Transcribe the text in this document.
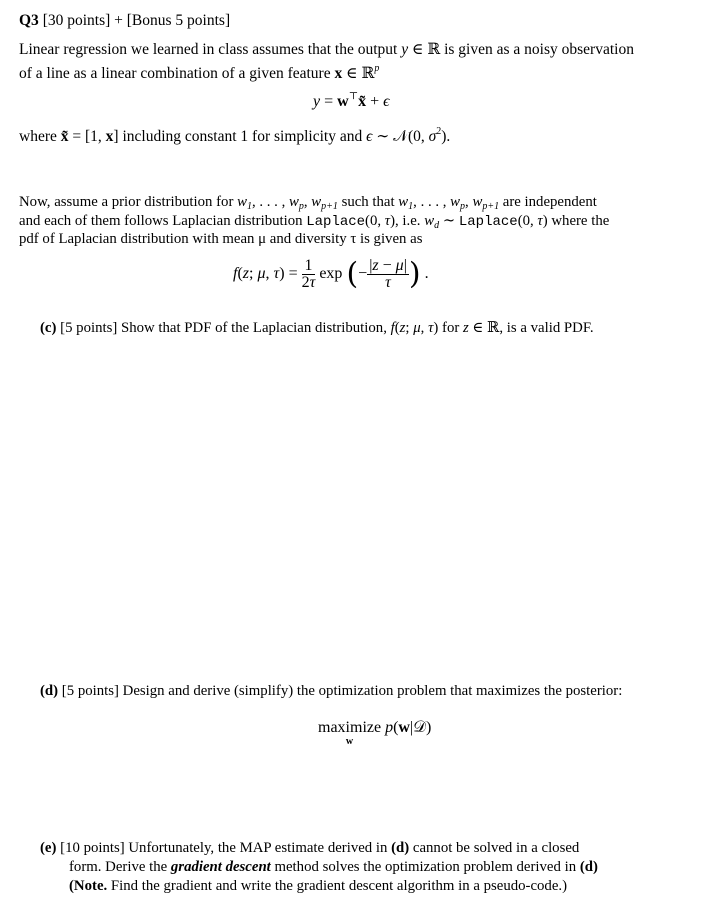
Q3 [30 points] + [Bonus 5 points]
Linear regression we learned in class assumes that the output y ∈ ℝ is given as a noisy observation
of a line as a linear combination of a given feature x ∈ ℝ$^p$
y = w⊤x̃ + ϵ
where x̃ = [1, x] including constant 1 for simplicity and ϵ ∼ 𝒩(0, $\sigma^2$).
Now, assume a prior distribution for $w_1$, . . . , $w_p$, $w_{p+1}$ such that $w_1$, . . . , $w_p$, $w_{p+1}$ are independent
and each of them follows Laplacian distribution Laplace(0, τ), i.e. $w_d$ ∼ Laplace(0, τ) where the
pdf of Laplacian distribution with mean μ and diversity τ is given as
f(z; μ, $\tau) = \frac{1}{2\tau}$ exp (− $\frac{|z - \mu|}{\tau}$ ) .
(c) [5 points] Show that PDF of the Laplacian distribution, f(z; μ, τ) for z ∈ ℝ, is a valid PDF.
(d) [5 points] Design and derive (simplify) the optimization problem that maximizes the posterior:
maximize
w
p(w|𝒟)
(e) [10 points] Unfortunately, the MAP estimate derived in (d) cannot be solved in a closed
form. Derive the gradient descent method solves the optimization problem derived in (d)
(Note. Find the gradient and write the gradient descent algorithm in a pseudo-code.)
